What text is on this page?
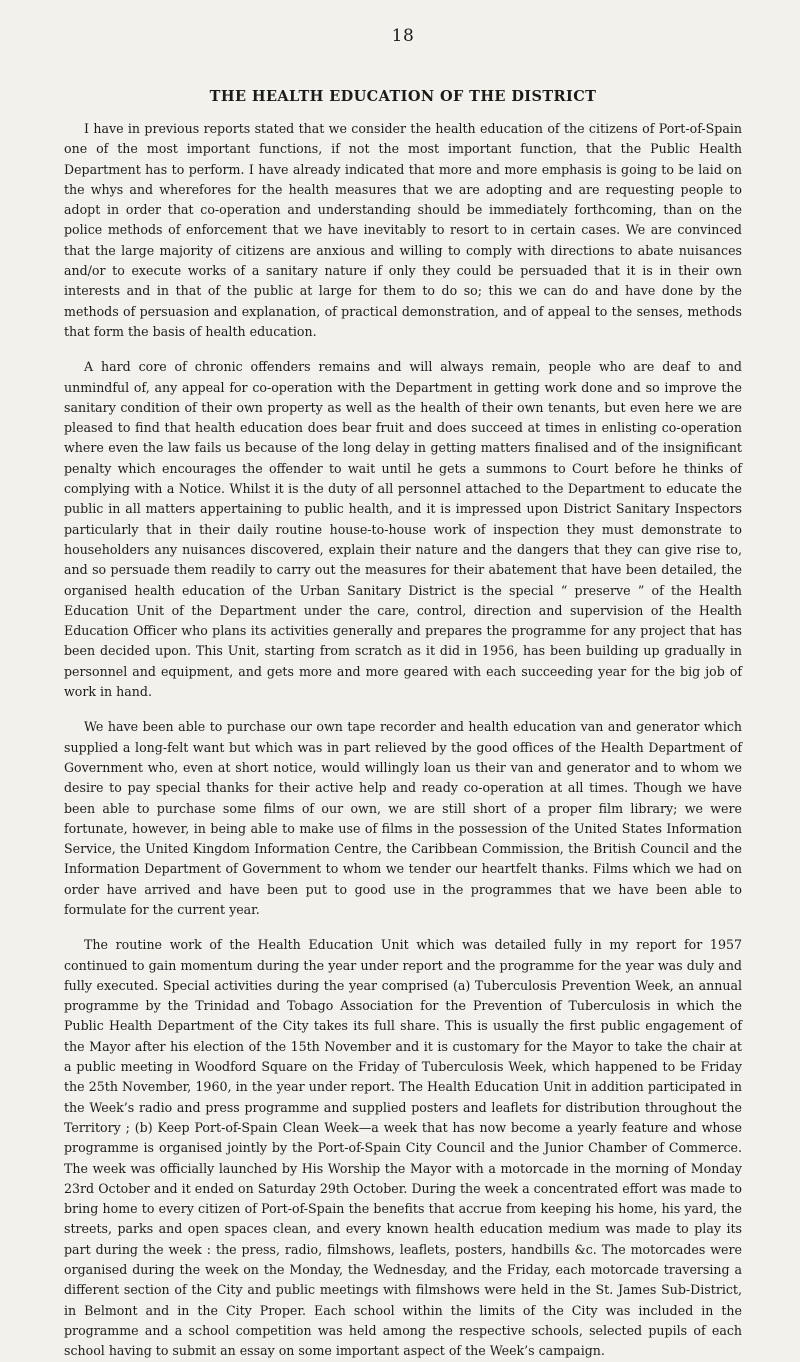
18
THE HEALTH EDUCATION OF THE DISTRICT

I have in previous reports stated that we consider the health education of the citizens of Port-of-Spain one of the most important functions, if not the most important function, that the Public Health Department has to perform. I have already indicated that more and more emphasis is going to be laid on the whys and wherefores for the health measures that we are adopting and are requesting people to adopt in order that co-operation and understanding should be immediately forthcoming, than on the police methods of enforcement that we have inevitably to resort to in certain cases. We are convinced that the large majority of citizens are anxious and willing to comply with directions to abate nuisances and/or to execute works of a sanitary nature if only they could be persuaded that it is in their own interests and in that of the public at large for them to do so; this we can do and have done by the methods of persuasion and explanation, of practical demonstration, and of appeal to the senses, methods that form the basis of health education.

A hard core of chronic offenders remains and will always remain, people who are deaf to and unmindful of, any appeal for co-operation with the Department in getting work done and so improve the sanitary condition of their own property as well as the health of their own tenants, but even here we are pleased to find that health education does bear fruit and does succeed at times in enlisting co-operation where even the law fails us because of the long delay in getting matters finalised and of the insignificant penalty which encourages the offender to wait until he gets a summons to Court before he thinks of complying with a Notice. Whilst it is the duty of all personnel attached to the Department to educate the public in all matters appertaining to public health, and it is impressed upon District Sanitary Inspectors particularly that in their daily routine house-to-house work of inspection they must demonstrate to householders any nuisances discovered, explain their nature and the dangers that they can give rise to, and so persuade them readily to carry out the measures for their abatement that have been detailed, the organised health education of the Urban Sanitary District is the special “ preserve ” of the Health Education Unit of the Department under the care, control, direction and supervision of the Health Education Officer who plans its activities generally and prepares the programme for any project that has been decided upon. This Unit, starting from scratch as it did in 1956, has been building up gradually in personnel and equipment, and gets more and more geared with each succeeding year for the big job of work in hand.

We have been able to purchase our own tape recorder and health education van and generator which supplied a long-felt want but which was in part relieved by the good offices of the Health Department of Government who, even at short notice, would willingly loan us their van and generator and to whom we desire to pay special thanks for their active help and ready co-operation at all times. Though we have been able to purchase some films of our own, we are still short of a proper film library; we were fortunate, however, in being able to make use of films in the possession of the United States Information Service, the United Kingdom Information Centre, the Caribbean Commission, the British Council and the Information Department of Government to whom we tender our heartfelt thanks. Films which we had on order have arrived and have been put to good use in the programmes that we have been able to formulate for the current year.

The routine work of the Health Education Unit which was detailed fully in my report for 1957 continued to gain momentum during the year under report and the programme for the year was duly and fully executed. Special activities during the year comprised (a) Tuberculosis Prevention Week, an annual programme by the Trinidad and Tobago Association for the Prevention of Tuberculosis in which the Public Health Department of the City takes its full share. This is usually the first public engagement of the Mayor after his election of the 15th November and it is customary for the Mayor to take the chair at a public meeting in Woodford Square on the Friday of Tuberculosis Week, which happened to be Friday the 25th November, 1960, in the year under report. The Health Education Unit in addition participated in the Week’s radio and press programme and supplied posters and leaflets for distribution throughout the Territory ; (b) Keep Port-of-Spain Clean Week—a week that has now become a yearly feature and whose programme is organised jointly by the Port-of-Spain City Council and the Junior Chamber of Commerce. The week was officially launched by His Worship the Mayor with a motorcade in the morning of Monday 23rd October and it ended on Saturday 29th October. During the week a concentrated effort was made to bring home to every citizen of Port-of-Spain the benefits that accrue from keeping his home, his yard, the streets, parks and open spaces clean, and every known health education medium was made to play its part during the week : the press, radio, filmshows, leaflets, posters, handbills &c. The motorcades were organised during the week on the Monday, the Wednesday, and the Friday, each motorcade traversing a different section of the City and public meetings with filmshows were held in the St. James Sub-District, in Belmont and in the City Proper. Each school within the limits of the City was included in the programme and a school competition was held among the respective schools, selected pupils of each school having to submit an essay on some important aspect of the Week’s campaign.
